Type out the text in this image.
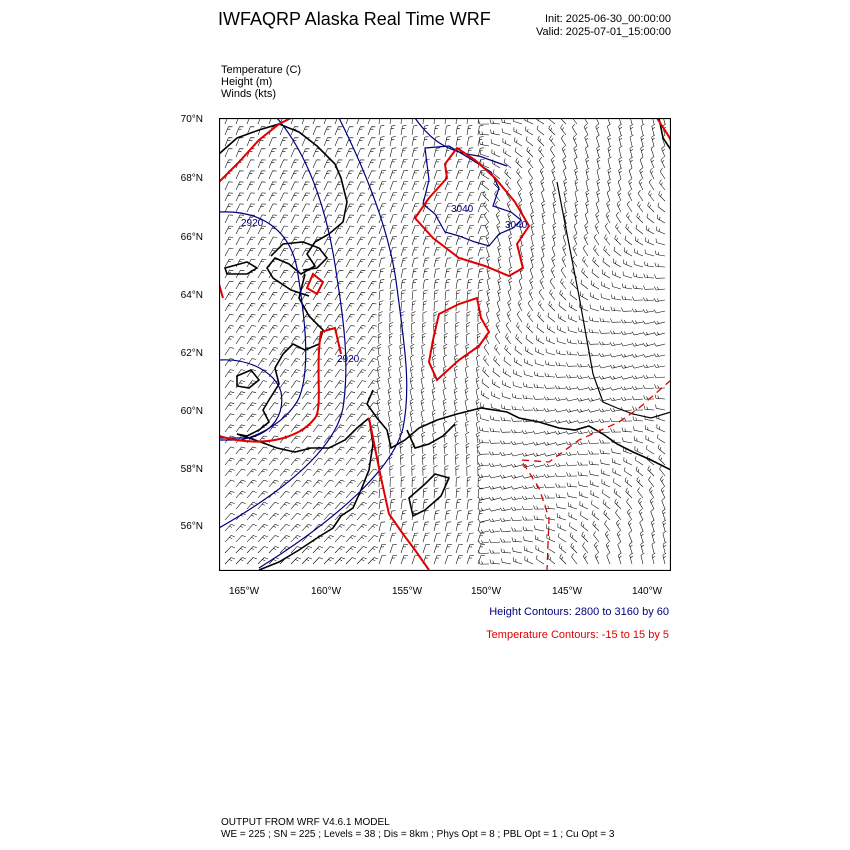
IWFAQRP Alaska Real Time WRF	Init: 2025-06-30_00:00:00
Valid: 2025-07-01_15:00:00
Temperature (C)
Height (m)
Winds (kts)
70°N
68°N
66°N
64°N
62°N
60°N
58°N
56°N
165°W	160°W	155°W	150°W	145°W	140°W
2920
2920
3040
3040
Height Contours: 2800 to 3160 by 60
Temperature Contours: -15 to 15 by 5
OUTPUT FROM WRF V4.6.1 MODEL
WE = 225 ; SN = 225 ; Levels = 38 ; Dis = 8km ; Phys Opt = 8 ; PBL Opt = 1 ; Cu Opt = 3
